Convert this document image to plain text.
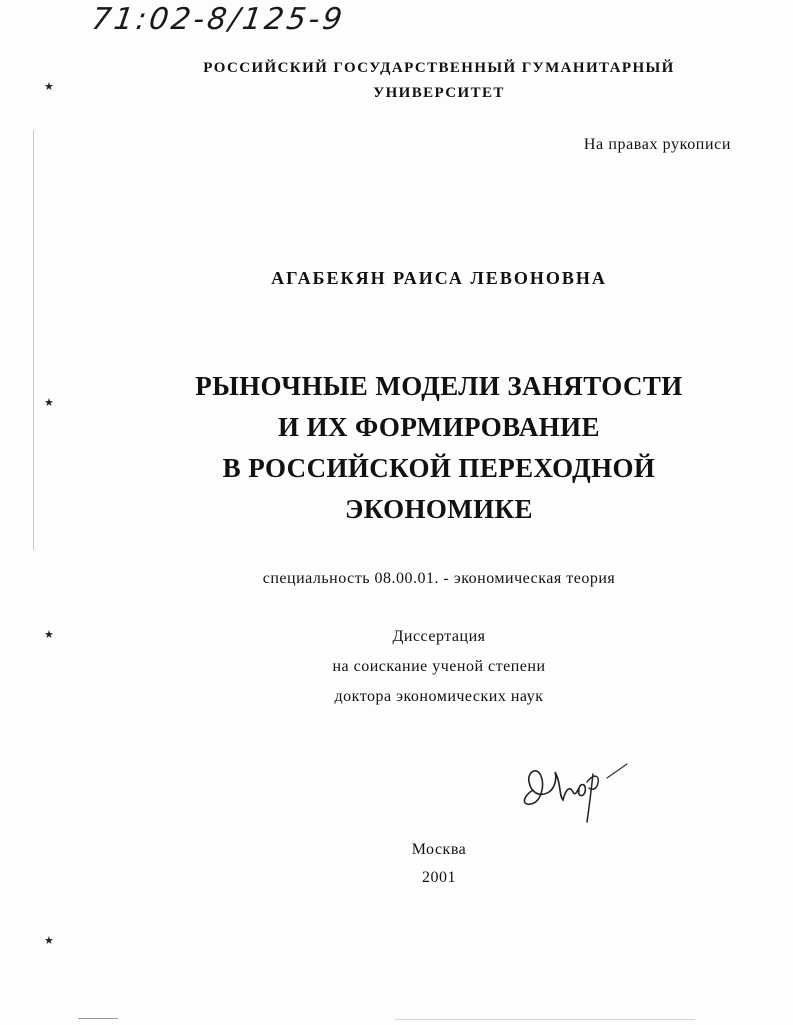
★
★
★
★
71:02-8/125-9
РОССИЙСКИЙ ГОСУДАРСТВЕННЫЙ ГУМАНИТАРНЫЙ
УНИВЕРСИТЕТ
На правах рукописи
АГАБЕКЯН РАИСА ЛЕВОНОВНА
РЫНОЧНЫЕ МОДЕЛИ ЗАНЯТОСТИ
И ИХ ФОРМИРОВАНИЕ
В РОССИЙСКОЙ ПЕРЕХОДНОЙ
ЭКОНОМИКЕ
специальность 08.00.01. - экономическая теория
Диссертация
на соискание ученой степени
доктора экономических наук
Москва
2001
